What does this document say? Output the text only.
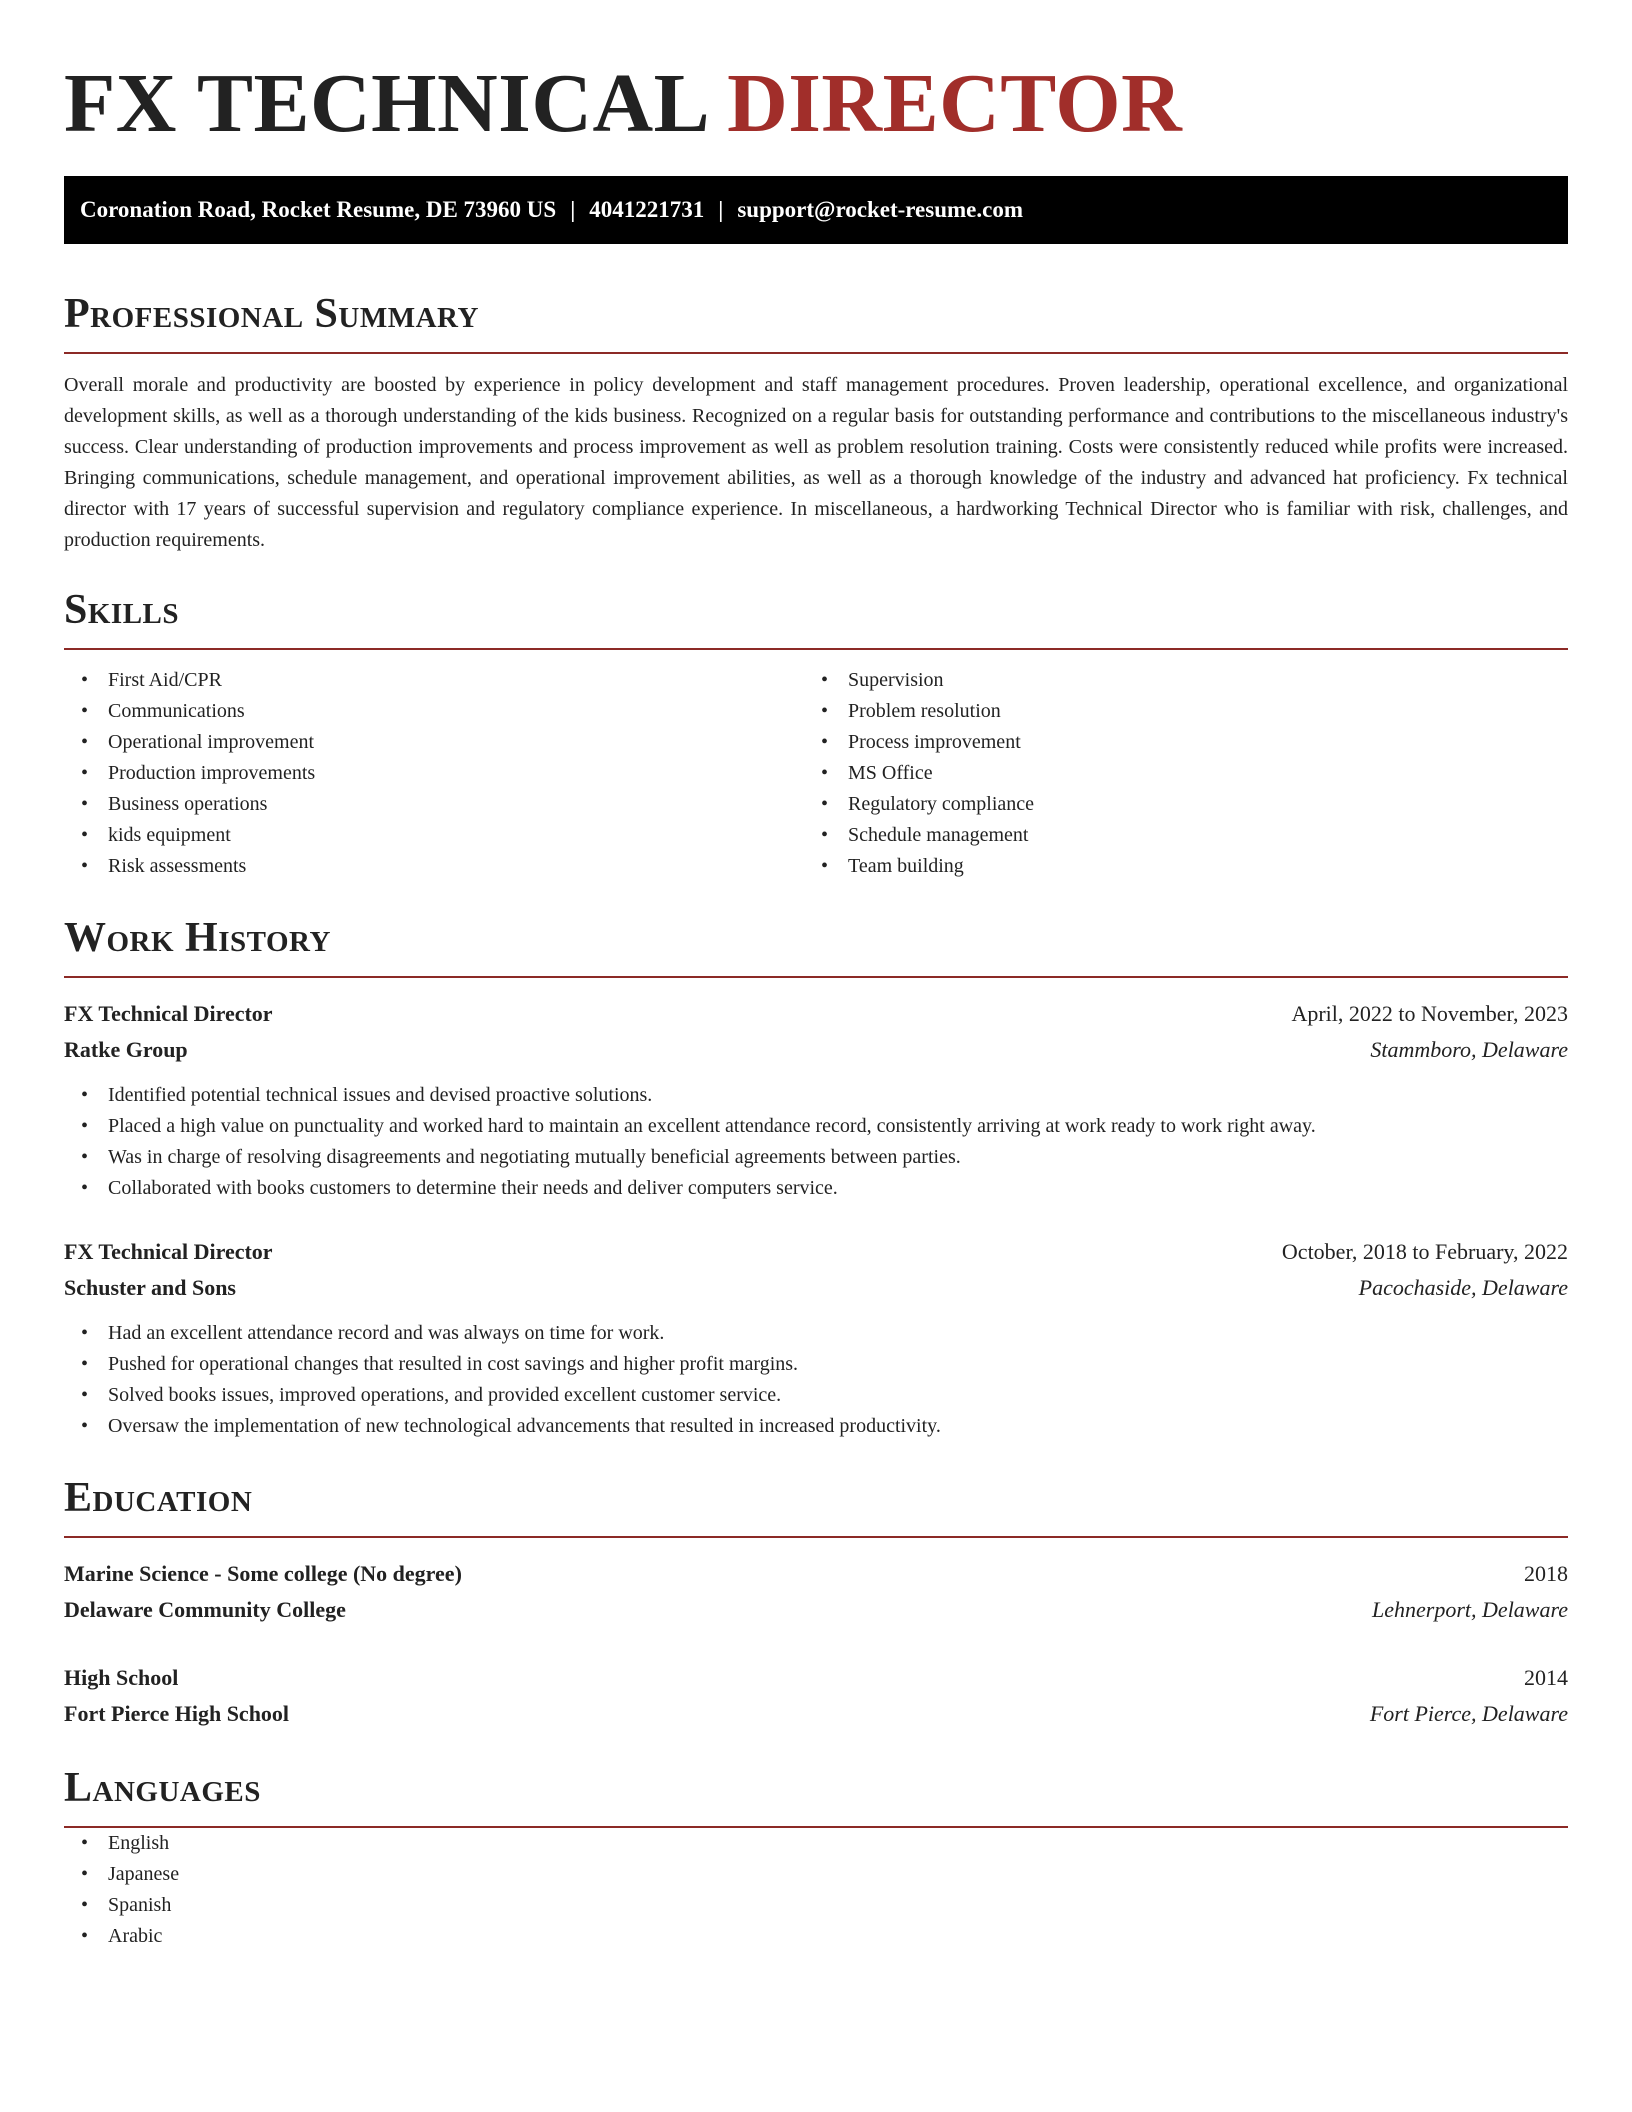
FX TECHNICAL DIRECTOR
Coronation Road, Rocket Resume, DE 73960 US | 4041221731 | support@rocket-resume.com
Professional Summary

Overall morale and productivity are boosted by experience in policy development and staff management procedures. Proven leadership, operational excellence, and organizational development skills, as well as a thorough understanding of the kids business. Recognized on a regular basis for outstanding performance and contributions to the miscellaneous industry's success. Clear understanding of production improvements and process improvement as well as problem resolution training. Costs were consistently reduced while profits were increased. Bringing communications, schedule management, and operational improvement abilities, as well as a thorough knowledge of the industry and advanced hat proficiency. Fx technical director with 17 years of successful supervision and regulatory compliance experience. In miscellaneous, a hardworking Technical Director who is familiar with risk, challenges, and production requirements.

Skills
• First Aid/CPR
• Communications
• Operational improvement
• Production improvements
• Business operations
• kids equipment
• Risk assessments
• Supervision
• Problem resolution
• Process improvement
• MS Office
• Regulatory compliance
• Schedule management
• Team building
Work History
FX Technical Director	April, 2022 to November, 2023
Ratke Group	Stammboro, Delaware
• Identified potential technical issues and devised proactive solutions.
• Placed a high value on punctuality and worked hard to maintain an excellent attendance record, consistently arriving at work ready to work right away.
• Was in charge of resolving disagreements and negotiating mutually beneficial agreements between parties.
• Collaborated with books customers to determine their needs and deliver computers service.
FX Technical Director	October, 2018 to February, 2022
Schuster and Sons	Pacochaside, Delaware
• Had an excellent attendance record and was always on time for work.
• Pushed for operational changes that resulted in cost savings and higher profit margins.
• Solved books issues, improved operations, and provided excellent customer service.
• Oversaw the implementation of new technological advancements that resulted in increased productivity.
Education
Marine Science - Some college (No degree)	2018
Delaware Community College	Lehnerport, Delaware
High School	2014
Fort Pierce High School	Fort Pierce, Delaware
Languages
• English
• Japanese
• Spanish
• Arabic
